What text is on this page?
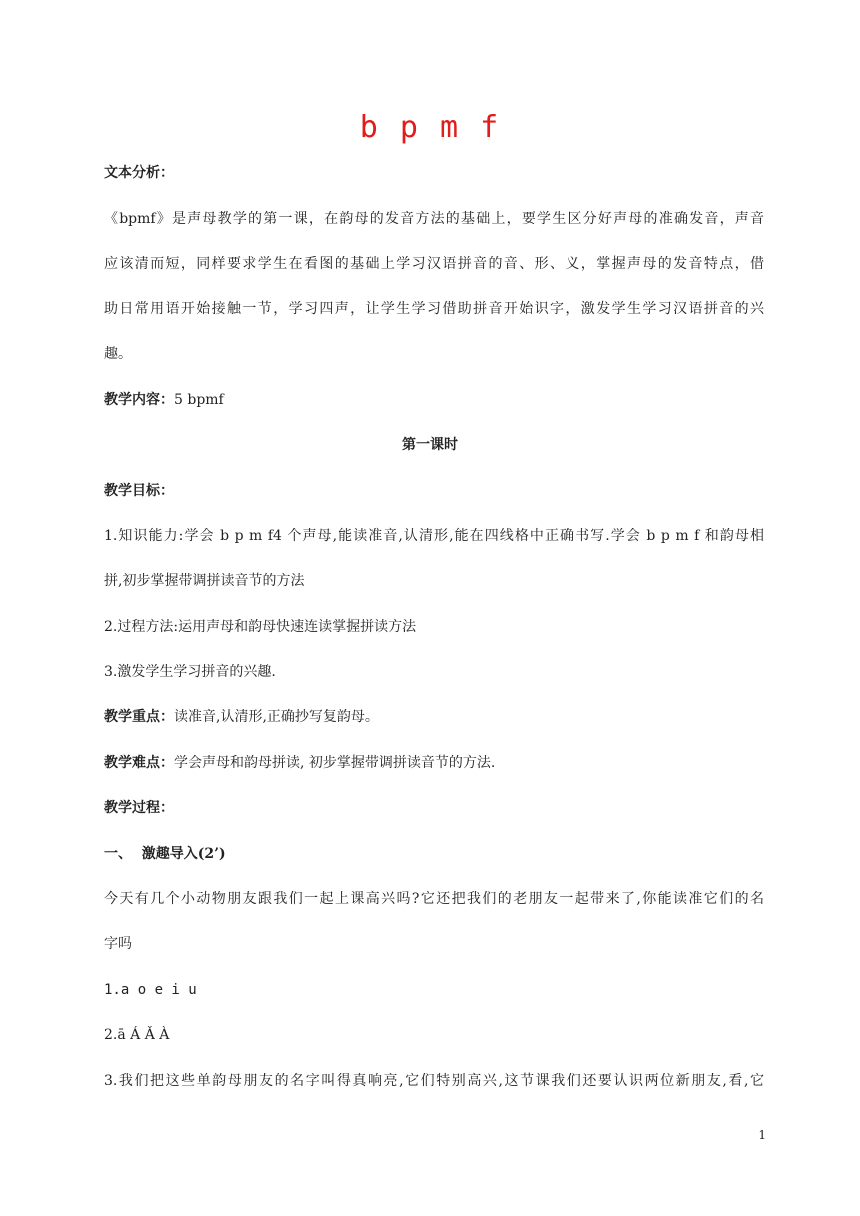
b p m f
文本分析：
《bpmf》是声母教学的第一课，在韵母的发音方法的基础上，要学生区分好声母的准确发音，声音
应该清而短，同样要求学生在看图的基础上学习汉语拼音的音、形、义，掌握声母的发音特点，借
助日常用语开始接触一节，学习四声，让学生学习借助拼音开始识字，激发学生学习汉语拼音的兴
趣。
教学内容：5 bpmf
第一课时
教学目标：
1.知识能力:学会 b p m f4 个声母,能读准音,认清形,能在四线格中正确书写.学会 b p m f 和韵母相
拼,初步掌握带调拼读音节的方法
2.过程方法:运用声母和韵母快速连读掌握拼读方法
3.激发学生学习拼音的兴趣.
教学重点：读准音,认清形,正确抄写复韵母。
教学难点：学会声母和韵母拼读, 初步掌握带调拼读音节的方法.
教学过程：
一、  激趣导入(2’)
今天有几个小动物朋友跟我们一起上课高兴吗?它还把我们的老朋友一起带来了,你能读准它们的名
字吗
1.a o e i u
2.ā Á Ǎ À
3.我们把这些单韵母朋友的名字叫得真响亮,它们特别高兴,这节课我们还要认识两位新朋友,看,它
1
